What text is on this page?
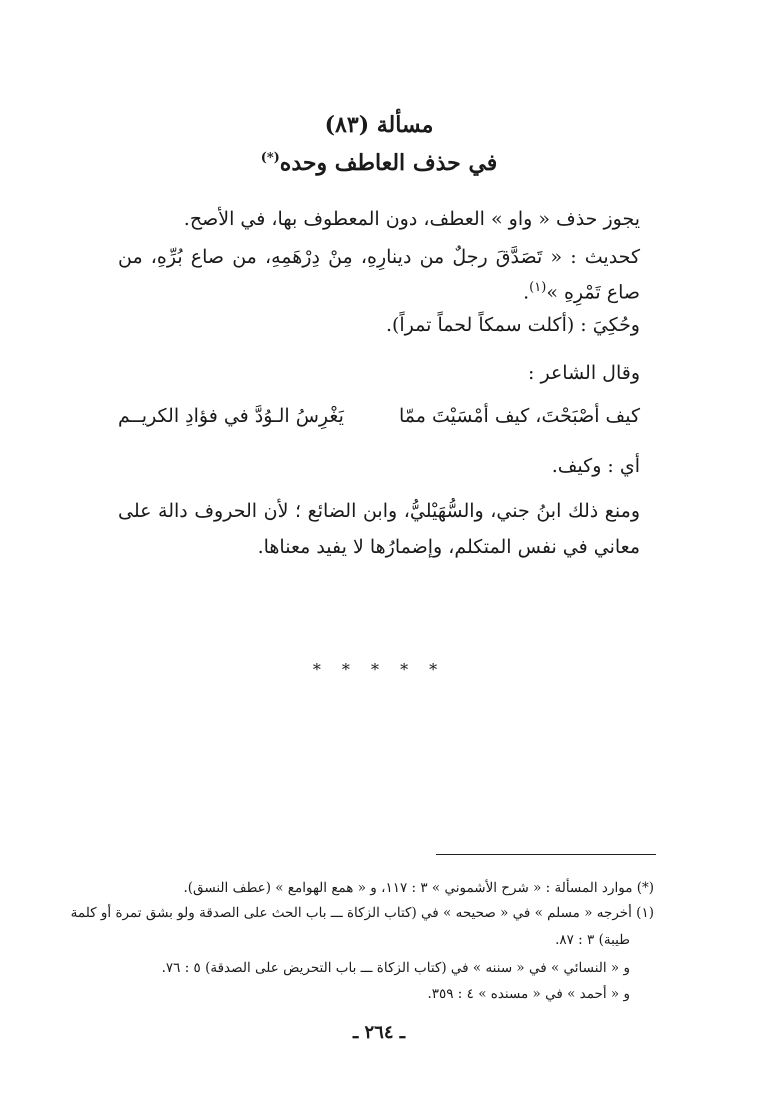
مسألة (٨٣)
في حذف العاطف وحده(*)
يجوز حذف « واو » العطف، دون المعطوف بها، في الأصح.
كحديث : « تَصَدَّقَ رجلٌ من دينارِهِ، مِنْ دِرْهَمِهِ، من صاع بُرِّهِ، من
صاع تَمْرِهِ »$^{(١)}$.
وحُكِيَ : (أكلت سمكاً لحماً تمراً).
وقال الشاعر :
كيف أصْبَحْتَ، كيف أمْسَيْتَ ممّا
يَغْرِسُ الـوُدَّ في فؤادِ الكريــم
أي : وكيف.
ومنع ذلك ابنُ جني، والسُّهَيْليُّ، وابن الضائع ؛ لأن الحروف دالة على
معاني في نفس المتكلم، وإضمارُها لا يفيد معناها.
* * * * *
(*) موارد المسألة : « شرح الأشموني » ٣ : ١١٧، و « همع الهوامع » (عطف النسق).
(١) أخرجه « مسلم » في « صحيحه » في (كتاب الزكاة ـــ باب الحث على الصدقة ولو بشق تمرة أو كلمة
طيبة) ٣ : ٨٧.
و « النسائي » في « سننه » في (كتاب الزكاة ـــ باب التحريض على الصدقة) ٥ : ٧٦.
و « أحمد » في « مسنده » ٤ : ٣٥٩.
ـ ٢٦٤ ـ
